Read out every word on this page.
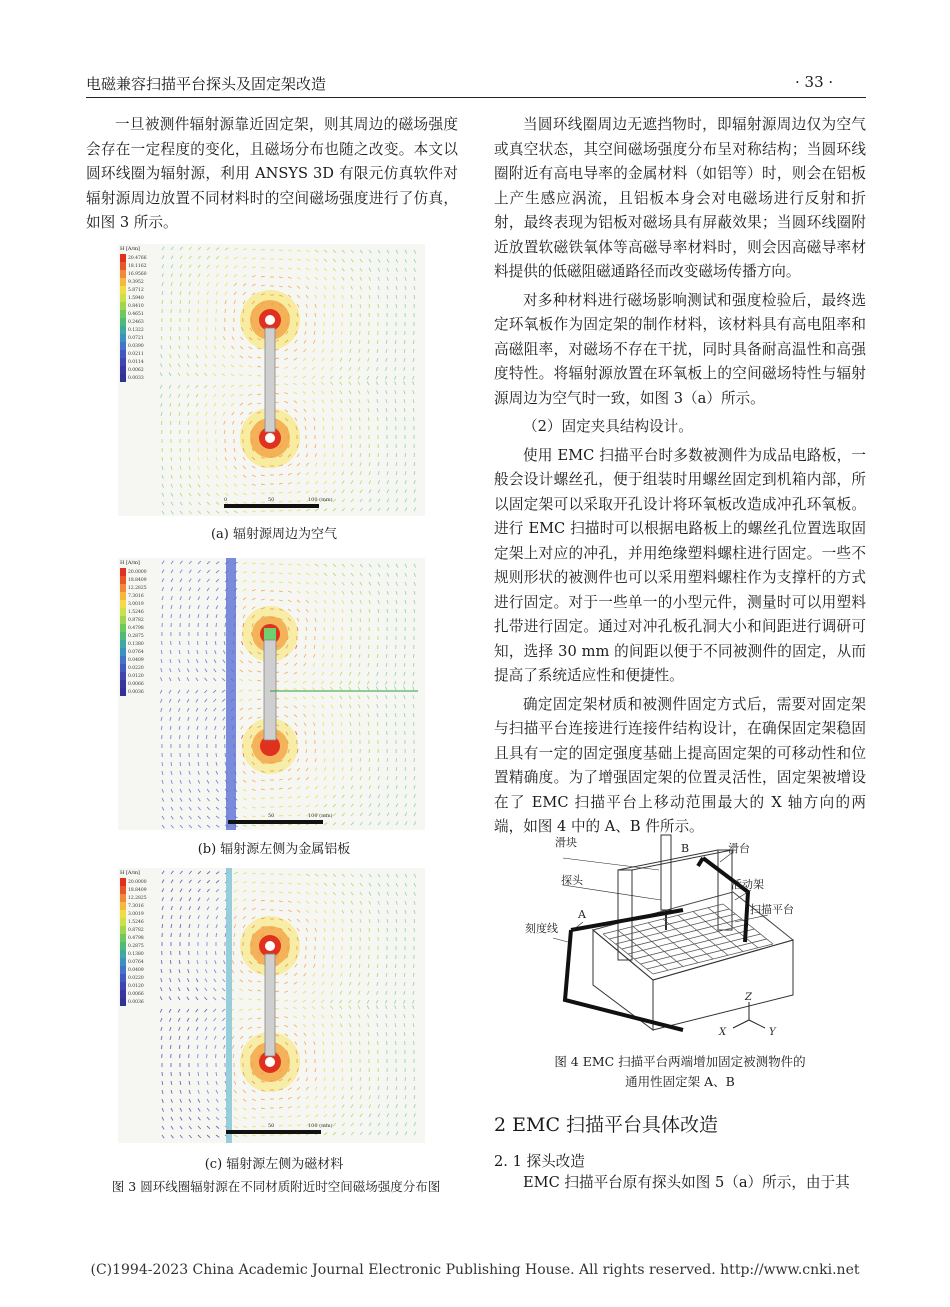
电磁兼容扫描平台探头及固定架改造	· 33 ·

一旦被测件辐射源靠近固定架，则其周边的磁场强度会存在一定程度的变化，且磁场分布也随之改变。本文以圆环线圈为辐射源，利用 ANSYS 3D 有限元仿真软件对辐射源周边放置不同材料时的空间磁场强度进行了仿真，如图 3 所示。

H [A/m]
20.4766
18.1162
16.9560
9.3952
5.8712
1.5940
0.8410
0.4651
0.2463
0.1322
0.0721
0.0390
0.0211
0.0114
0.0062
0.0033
0	50	100 (mm)
(a) 辐射源周边为空气
H [A/m]
20.0000
18.8409
12.2825
7.3016
3.0019
1.5246
0.8782
0.4798
0.2875
0.1380
0.0764
0.0409
0.0220
0.0120
0.0066
0.0036
50	100 (mm)
(b) 辐射源左侧为金属铝板
H [A/m]
20.0000
18.8409
12.2825
7.3016
3.0019
1.5246
0.8782
0.4798
0.2875
0.1380
0.0764
0.0409
0.0220
0.0120
0.0066
0.0036
50	100 (mm)
(c) 辐射源左侧为磁材料
图 3 圆环线圈辐射源在不同材质附近时空间磁场强度分布图

当圆环线圈周边无遮挡物时，即辐射源周边仅为空气或真空状态，其空间磁场强度分布呈对称结构；当圆环线圈附近有高电导率的金属材料（如铝等）时，则会在铝板上产生感应涡流，且铝板本身会对电磁场进行反射和折射，最终表现为铝板对磁场具有屏蔽效果；当圆环线圈附近放置软磁铁氧体等高磁导率材料时，则会因高磁导率材料提供的低磁阻磁通路径而改变磁场传播方向。

对多种材料进行磁场影响测试和强度检验后，最终选定环氧板作为固定架的制作材料，该材料具有高电阻率和高磁阻率，对磁场不存在干扰，同时具备耐高温性和高强度特性。将辐射源放置在环氧板上的空间磁场特性与辐射源周边为空气时一致，如图 3（a）所示。

（2）固定夹具结构设计。

使用 EMC 扫描平台时多数被测件为成品电路板，一般会设计螺丝孔，便于组装时用螺丝固定到机箱内部，所以固定架可以采取开孔设计将环氧板改造成冲孔环氧板。进行 EMC 扫描时可以根据电路板上的螺丝孔位置选取固定架上对应的冲孔，并用绝缘塑料螺柱进行固定。一些不规则形状的被测件也可以采用塑料螺柱作为支撑杆的方式进行固定。对于一些单一的小型元件，测量时可以用塑料扎带进行固定。通过对冲孔板孔洞大小和间距进行调研可知，选择 30 mm 的间距以便于不同被测件的固定，从而提高了系统适应性和便捷性。

确定固定架材质和被测件固定方式后，需要对固定架与扫描平台连接进行连接件结构设计，在确保固定架稳固且具有一定的固定强度基础上提高固定架的可移动性和位置精确度。为了增强固定架的位置灵活性，固定架被增设在了 EMC 扫描平台上移动范围最大的 X 轴方向的两端，如图 4 中的 A、B 件所示。

滑块	B	滑台
探头	活动架
A	扫描平台
刻度线
Z
X	Y
图 4 EMC 扫描平台两端增加固定被测物件的
通用性固定架 A、B
2 EMC 扫描平台具体改造
2. 1 探头改造

EMC 扫描平台原有探头如图 5（a）所示，由于其

(C)1994-2023 China Academic Journal Electronic Publishing House. All rights reserved. http://www.cnki.net
